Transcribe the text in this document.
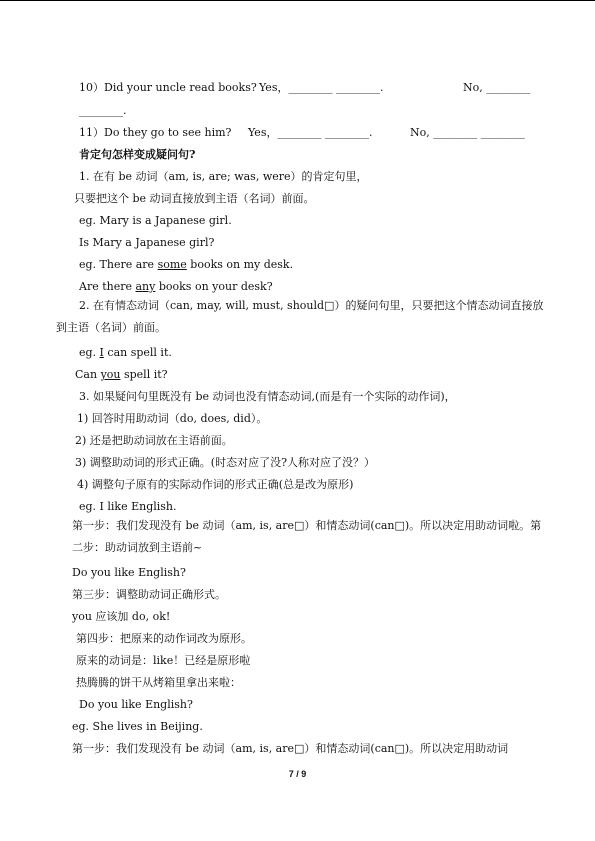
10）Did your uncle read books? Yes，________ ________.	No, ________
________.
11）Do they go to see him? Yes，________ ________.	No, ________ ________
肯定句怎样变成疑问句?
1. 在有 be 动词（am, is, are; was, were）的肯定句里，
只要把这个 be 动词直接放到主语（名词）前面。
eg. Mary is a Japanese girl.
Is Mary a Japanese girl?
eg. There are some books on my desk.
Are there any books on your desk?
2. 在有情态动词（can, may, will, must, should□）的疑问句里，只要把这个情态动词直接放到主语（名词）前面。
eg. I can spell it.
Can you spell it?
3. 如果疑问句里既没有 be 动词也没有情态动词,(而是有一个实际的动作词)，
1) 回答时用助动词（do, does, did）。
2) 还是把助动词放在主语前面。
3) 调整助动词的形式正确。(时态对应了没?人称对应了没？）
4) 调整句子原有的实际动作词的形式正确(总是改为原形)
eg. I like English.
第一步：我们发现没有 be 动词（am, is, are□）和情态动词(can□)。所以决定用助动词啦。第二步：助动词放到主语前~
Do you like English?
第三步：调整助动词正确形式。
you 应该加 do, ok!
第四步：把原来的动作词改为原形。
原来的动词是：like！已经是原形啦
热腾腾的饼干从烤箱里拿出来啦：
Do you like English?
eg. She lives in Beijing.
第一步：我们发现没有 be 动词（am, is, are□）和情态动词(can□)。所以决定用助动词
7 / 9
